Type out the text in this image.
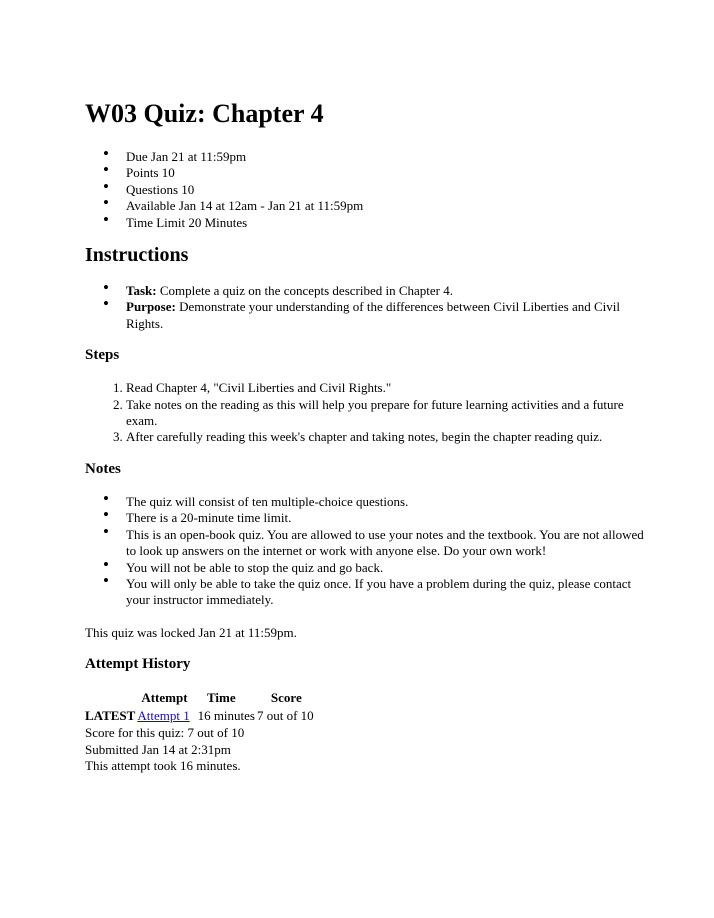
W03 Quiz: Chapter 4
• Due Jan 21 at 11:59pm
• Points 10
• Questions 10
• Available Jan 14 at 12am - Jan 21 at 11:59pm
• Time Limit 20 Minutes
Instructions
• Task: Complete a quiz on the concepts described in Chapter 4.
• Purpose: Demonstrate your understanding of the differences between Civil Liberties and Civil Rights.
Steps
1. Read Chapter 4, "Civil Liberties and Civil Rights."
2. Take notes on the reading as this will help you prepare for future learning activities and a future exam.
3. After carefully reading this week's chapter and taking notes, begin the chapter reading quiz.
Notes
• The quiz will consist of ten multiple-choice questions.
• There is a 20-minute time limit.
• This is an open-book quiz. You are allowed to use your notes and the textbook. You are not allowed to look up answers on the internet or work with anyone else. Do your own work!
• You will not be able to stop the quiz and go back.
• You will only be able to take the quiz once. If you have a problem during the quiz, please contact your instructor immediately.

This quiz was locked Jan 21 at 11:59pm.

Attempt History
	Attempt	Time	Score
LATEST	Attempt 1	16 minutes	7 out of 10

Score for this quiz: 7 out of 10

Submitted Jan 14 at 2:31pm

This attempt took 16 minutes.
